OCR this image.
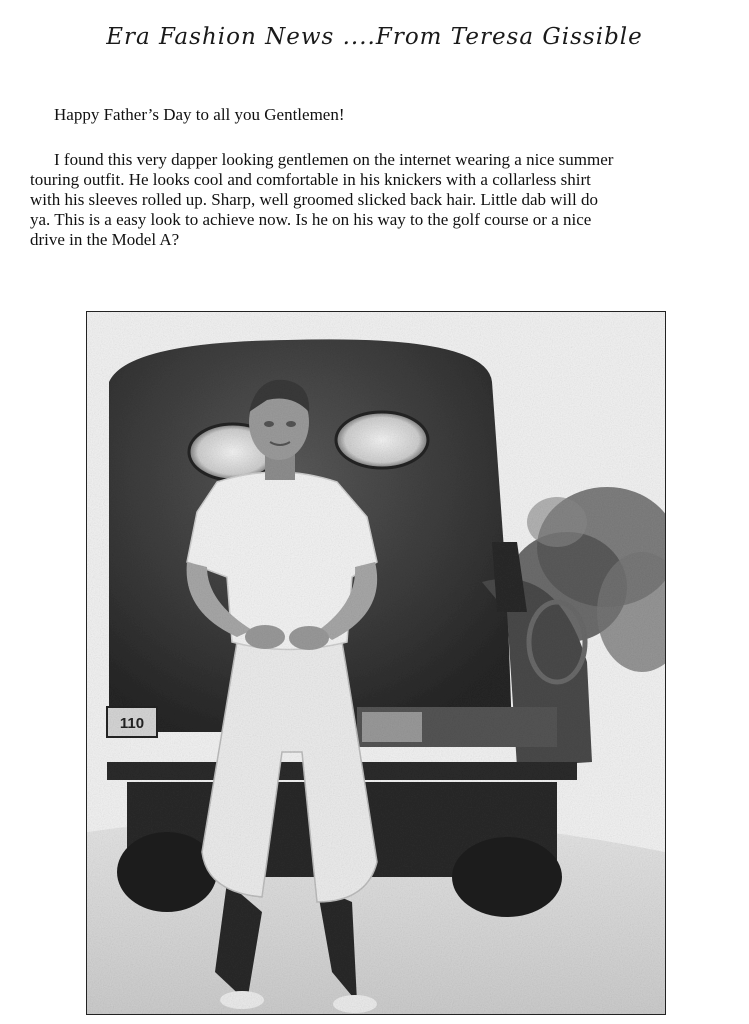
Era Fashion News ....From Teresa Gissible
Happy Father’s Day to all you Gentlemen!
I found this very dapper looking gentlemen on the internet wearing a nice summer
touring outfit. He looks cool and comfortable in his knickers with a collarless shirt
with his sleeves rolled up. Sharp, well groomed slicked back hair. Little dab will do
ya. This is a easy look to achieve now. Is he on his way to the golf course or a nice
drive in the Model A?
110
